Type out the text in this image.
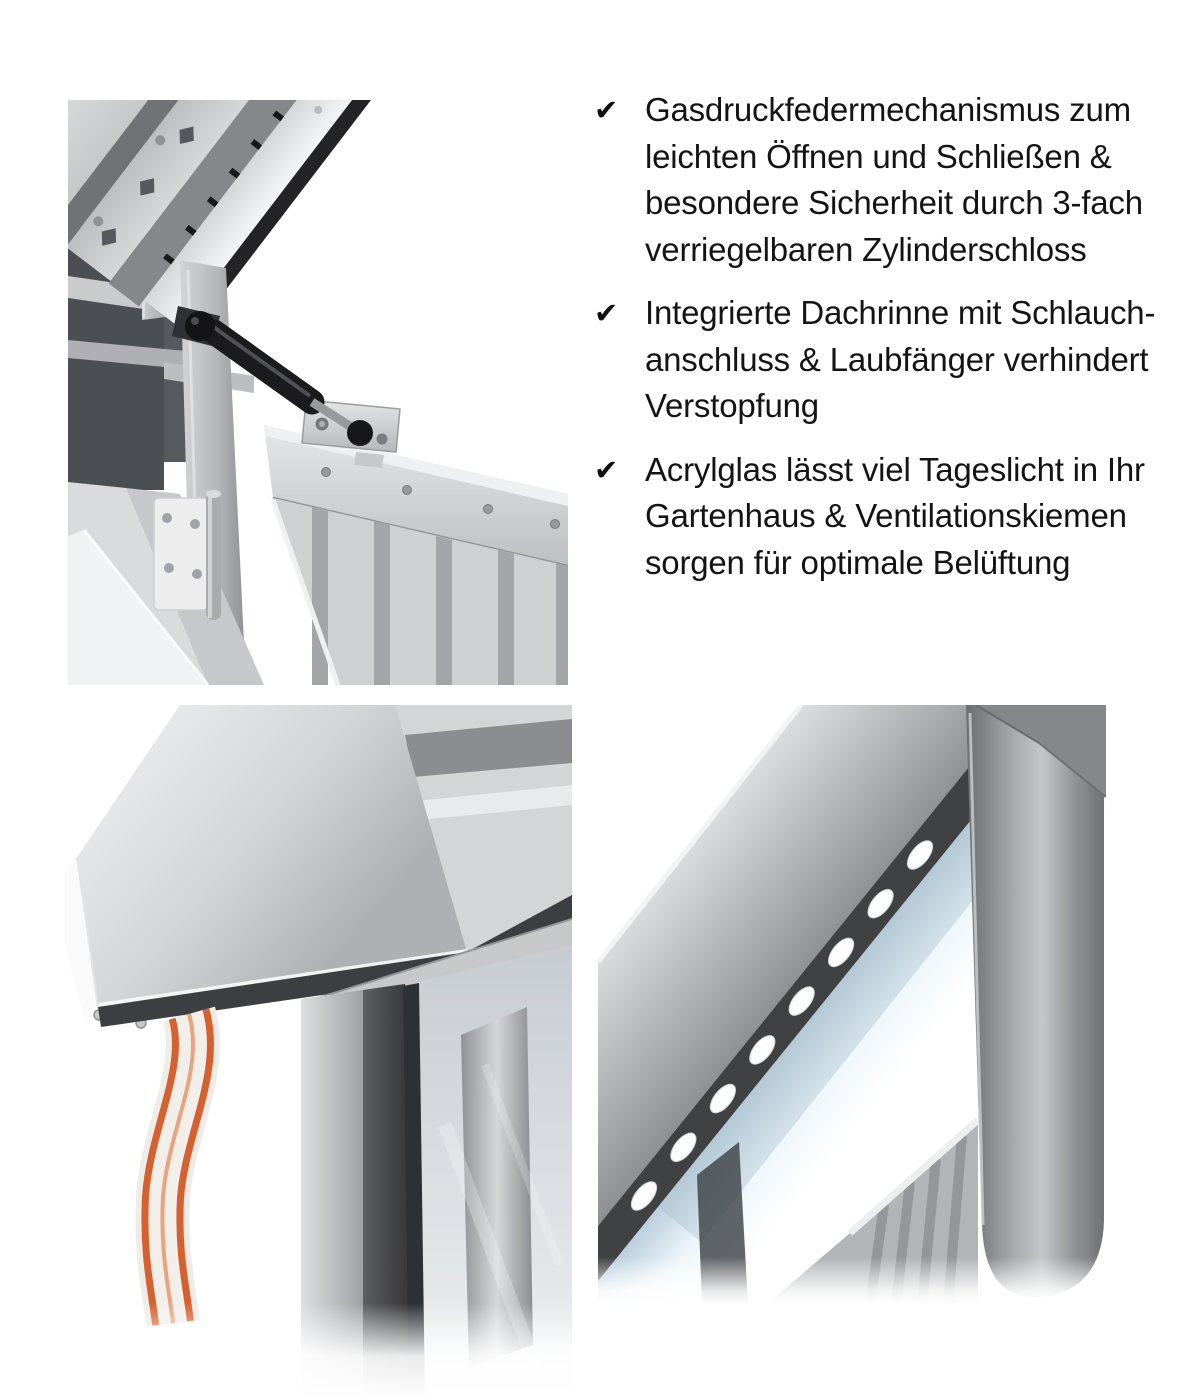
✔ Gasdruckfedermechanismus zum
leichten Öffnen und Schließen &
besondere Sicherheit durch 3-fach
verriegelbaren Zylinderschloss
✔ Integrierte Dachrinne mit Schlauch-
anschluss & Laubfänger verhindert
Verstopfung
✔ Acrylglas lässt viel Tageslicht in Ihr
Gartenhaus & Ventilationskiemen
sorgen für optimale Belüftung
